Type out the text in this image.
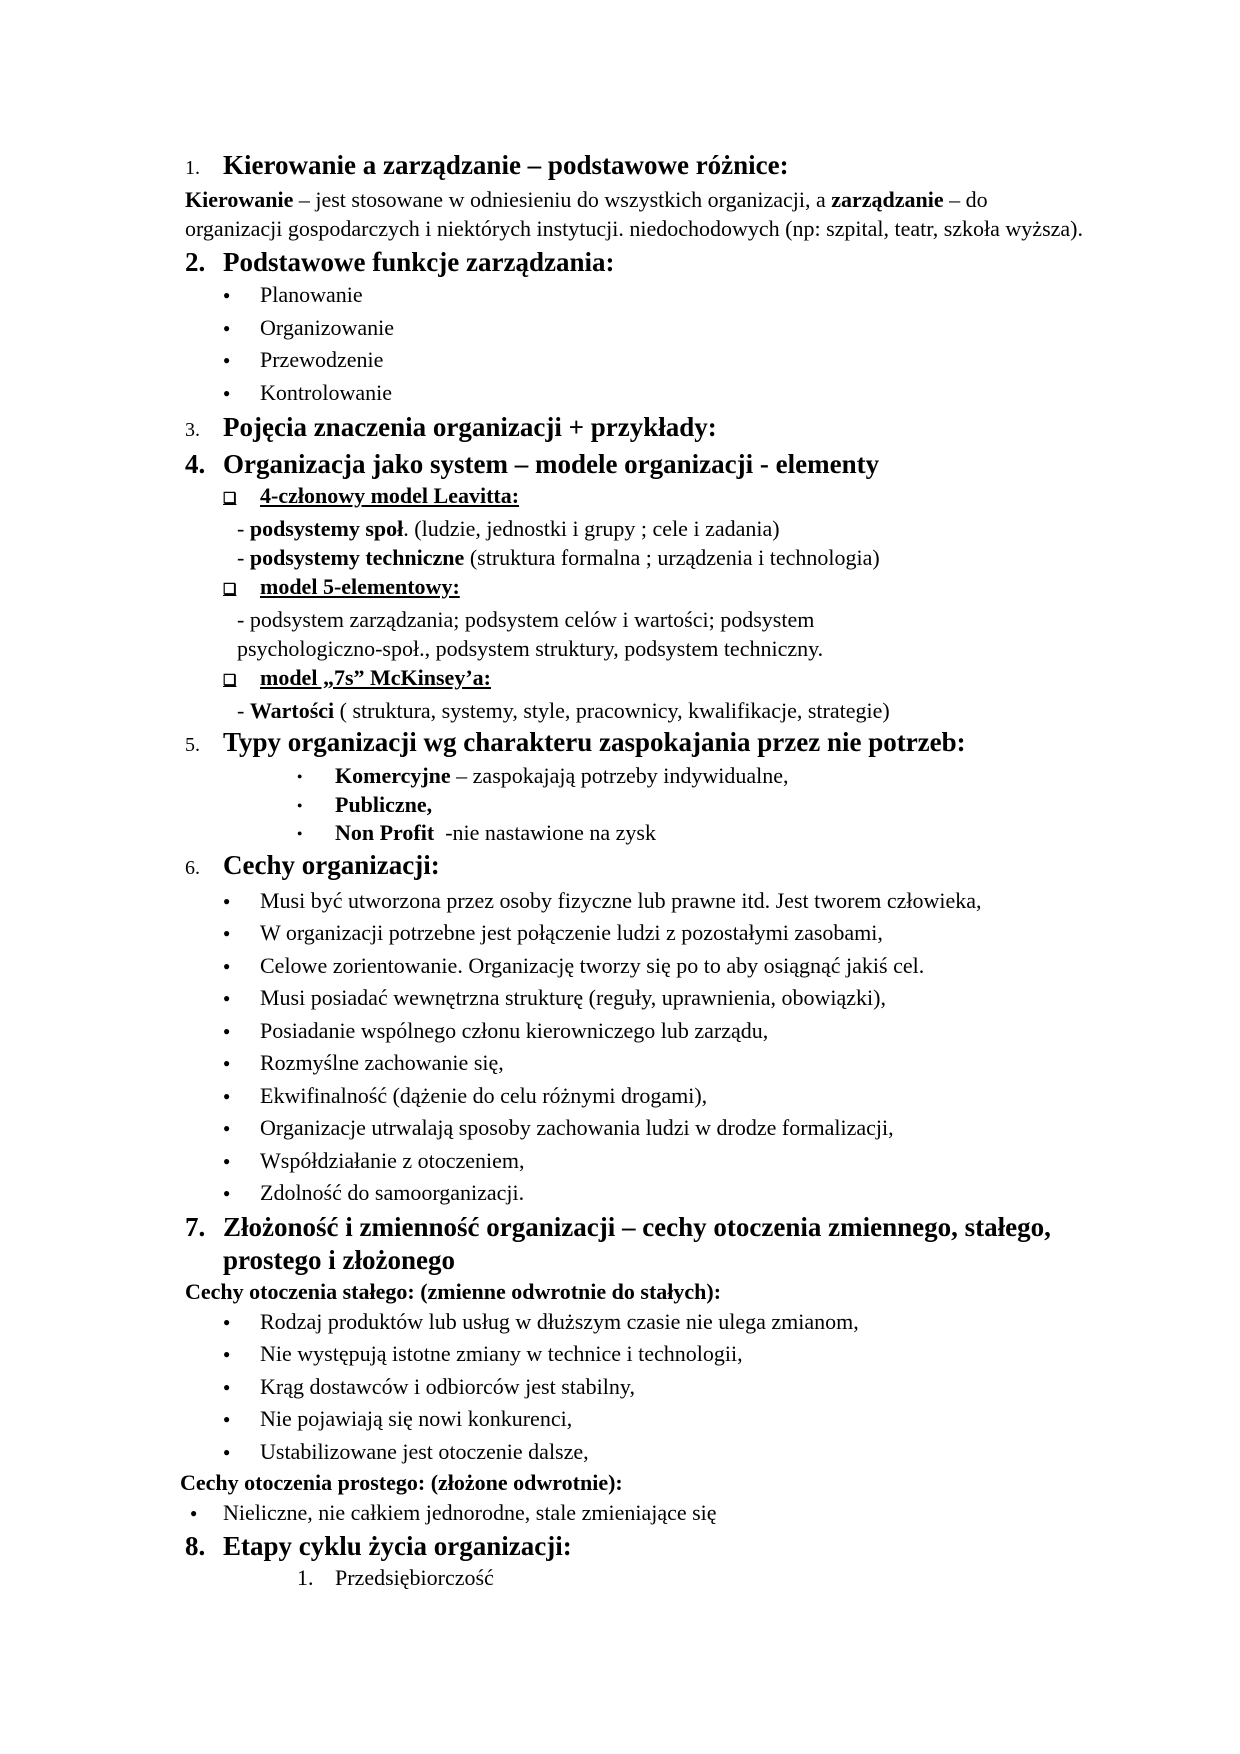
1. Kierowanie a zarządzanie – podstawowe różnice:

Kierowanie – jest stosowane w odniesieniu do wszystkich organizacji, a zarządzanie – do organizacji gospodarczych i niektórych instytucji. niedochodowych (np: szpital, teatr, szkoła wyższa).

2. Podstawowe funkcje zarządzania:
● Planowanie
● Organizowanie
● Przewodzenie
● Kontrolowanie
3. Pojęcia znaczenia organizacji + przykłady:
4. Organizacja jako system – modele organizacji - elementy
❏	4-członowy model Leavitta:
- podsystemy społ. (ludzie, jednostki i grupy ; cele i zadania)
- podsystemy techniczne (struktura formalna ; urządzenia i technologia)
❏	model 5-elementowy:
- podsystem zarządzania; podsystem celów i wartości; podsystem psychologiczno-społ., podsystem struktury, podsystem techniczny.
❏	model „7s” McKinsey’a:
- Wartości ( struktura, systemy, style, pracownicy, kwalifikacje, strategie)
5. Typy organizacji wg charakteru zaspokajania przez nie potrzeb:
● Komercyjne – zaspokajają potrzeby indywidualne,
● Publiczne,
● Non Profit  -nie nastawione na zysk
6. Cechy organizacji:
● Musi być utworzona przez osoby fizyczne lub prawne itd. Jest tworem człowieka,
● W organizacji potrzebne jest połączenie ludzi z pozostałymi zasobami,
● Celowe zorientowanie. Organizację tworzy się po to aby osiągnąć jakiś cel.
● Musi posiadać wewnętrzna strukturę (reguły, uprawnienia, obowiązki),
● Posiadanie wspólnego członu kierowniczego lub zarządu,
● Rozmyślne zachowanie się,
● Ekwifinalność (dążenie do celu różnymi drogami),
● Organizacje utrwalają sposoby zachowania ludzi w drodze formalizacji,
● Współdziałanie z otoczeniem,
● Zdolność do samoorganizacji.
7. Złożoność i zmienność organizacji – cechy otoczenia zmiennego, stałego, prostego i złożonego
Cechy otoczenia stałego: (zmienne odwrotnie do stałych):
● Rodzaj produktów lub usług w dłuższym czasie nie ulega zmianom,
● Nie występują istotne zmiany w technice i technologii,
● Krąg dostawców i odbiorców jest stabilny,
● Nie pojawiają się nowi konkurenci,
● Ustabilizowane jest otoczenie dalsze,
Cechy otoczenia prostego: (złożone odwrotnie):
● Nieliczne, nie całkiem jednorodne, stale zmieniające się
8. Etapy cyklu życia organizacji:
1. Przedsiębiorczość
